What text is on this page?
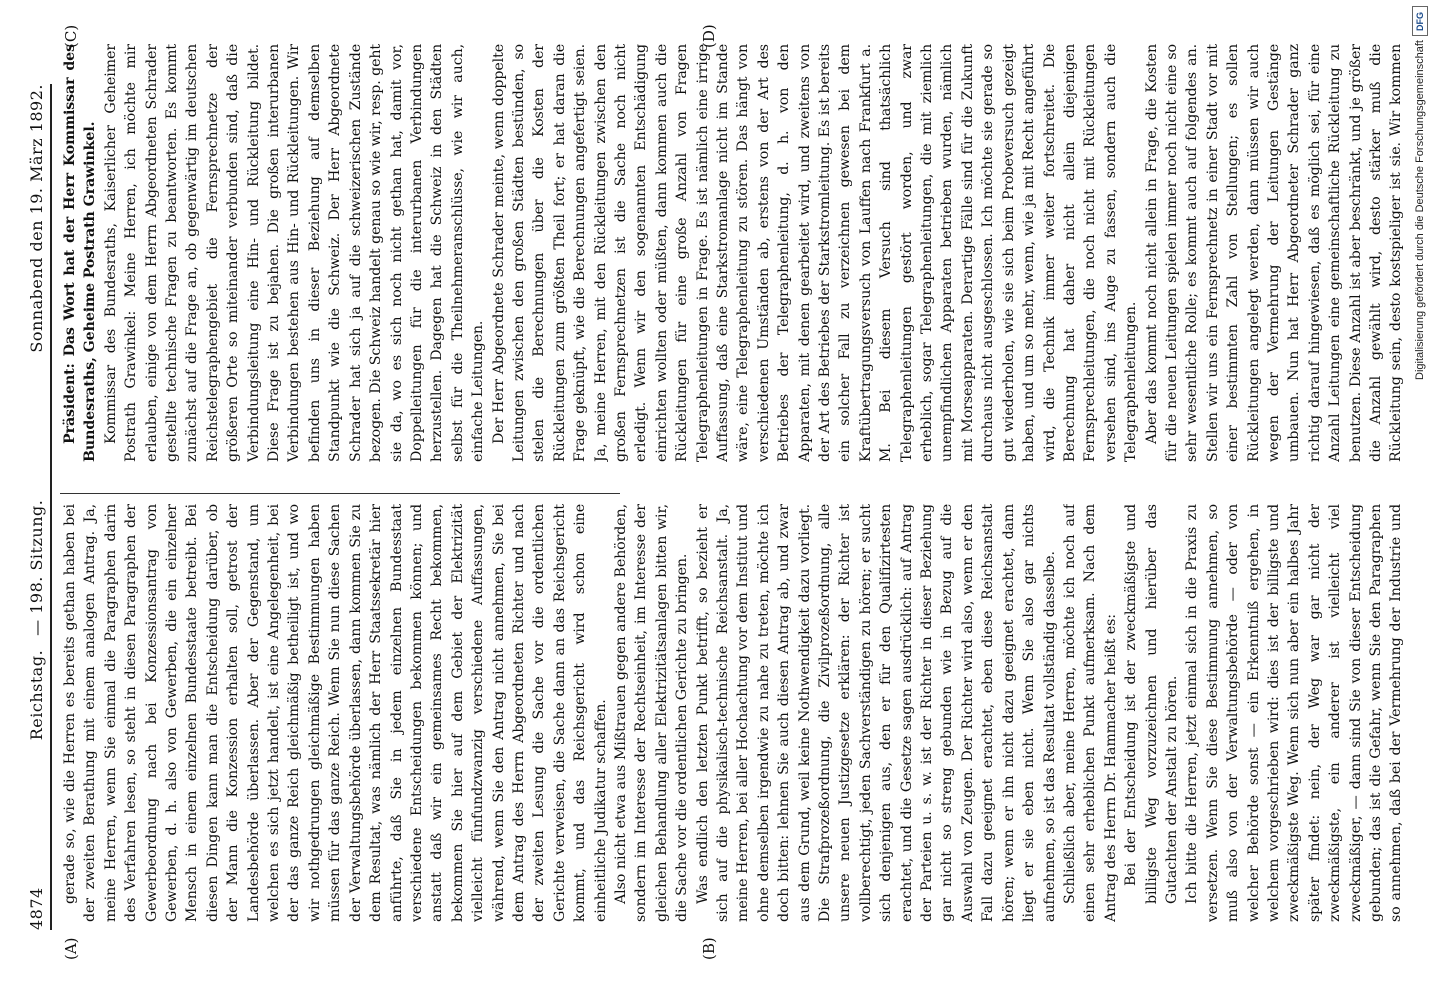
4874
Reichstag.
— 198. Sitzung.
Sonnabend den 19. März 1892.
(A)	(B)
(C)	(D)

gerade so, wie die Herren es bereits gethan haben bei der zweiten Berathung mit einem analogen Antrag. Ja, meine Herren, wenn Sie einmal die Paragraphen darin des Verfahren lesen, so steht in diesen Paragraphen der Gewerbeordnung nach bei Konzessionsantrag von Gewerben, d. h. also von Gewerben, die ein einzelner Mensch in einem einzelnen Bundesstaate betreibt. Bei diesen Dingen kann man die Entscheidung darüber, ob der Mann die Konzession erhalten soll, getrost der Landesbehörde überlassen. Aber der Gegenstand, um welchen es sich jetzt handelt, ist eine Angelegenheit, bei der das ganze Reich gleichmäßig betheiligt ist, und wo wir nothgedrungen gleichmäßige Bestimmungen haben müssen für das ganze Reich. Wenn Sie nun diese Sachen der Verwaltungsbehörde überlassen, dann kommen Sie zu dem Resultat, was nämlich der Herr Staatssekretär hier anführte, daß Sie in jedem einzelnen Bundesstaat verschiedene Entscheidungen bekommen können; und anstatt daß wir ein gemeinsames Recht bekommen, bekommen Sie hier auf dem Gebiet der Elektrizität vielleicht fünfundzwanzig verschiedene Auffassungen, während, wenn Sie den Antrag nicht annehmen, Sie bei dem Antrag des Herrn Abgeordneten Richter und nach der zweiten Lesung die Sache vor die ordentlichen Gerichte verweisen, die Sache dann an das Reichsgericht kommt, und das Reichsgericht wird schon eine einheitliche Judikatur schaffen. Also nicht etwa aus Mißtrauen gegen andere Behörden, sondern im Interesse der Rechtseinheit, im Interesse der gleichen Behandlung aller Elektrizitätsanlagen bitten wir, die Sache vor die ordentlichen Gerichte zu bringen. Was endlich den letzten Punkt betrifft, so bezieht er sich auf die physikalisch-technische Reichsanstalt. Ja, meine Herren, bei aller Hochachtung vor dem Institut und ohne demselben irgendwie zu nahe zu treten, möchte ich doch bitten: lehnen Sie auch diesen Antrag ab, und zwar aus dem Grund, weil keine Nothwendigkeit dazu vorliegt. Die Strafprozeßordnung, die Zivilprozeßordnung, alle unsere neuen Justizgesetze erklären: der Richter ist vollberechtigt, jeden Sachverständigen zu hören; er sucht sich denjenigen aus, den er für den Qualifizirtesten erachtet, und die Gesetze sagen ausdrücklich: auf Antrag der Parteien u. s. w. ist der Richter in dieser Beziehung gar nicht so streng gebunden wie in Bezug auf die Auswahl von Zeugen. Der Richter wird also, wenn er den Fall dazu geeignet erachtet, eben diese Reichsanstalt hören; wenn er ihn nicht dazu geeignet erachtet, dann liegt er sie eben nicht. Wenn Sie also gar nichts aufnehmen, so ist das Resultat vollständig dasselbe. Schließlich aber, meine Herren, möchte ich noch auf einen sehr erheblichen Punkt aufmerksam. Nach dem Antrag des Herrn Dr. Hammacher heißt es: Bei der Entscheidung ist der zweckmäßigste und billigste Weg vorzuzeichnen und hierüber das Gutachten der Anstalt zu hören. Ich bitte die Herren, jetzt einmal sich in die Praxis zu versetzen. Wenn Sie diese Bestimmung annehmen, so muß also von der Verwaltungsbehörde — oder von welcher Behörde sonst — ein Erkenntniß ergehen, in welchem vorgeschrieben wird: dies ist der billigste und zweckmäßigste Weg. Wenn sich nun aber ein halbes Jahr später findet: nein, der Weg war gar nicht der zweckmäßigste, ein anderer ist vielleicht viel zweckmäßiger, — dann sind Sie von dieser Entscheidung gebunden; das ist die Gefahr, wenn Sie den Paragraphen so annehmen, daß bei der Vermehrung der Industrie und

Präsident: Das Wort hat der Herr Kommissar des Bundesraths, Geheime Postrath Grawinkel. Kommissar des Bundesraths, Kaiserlicher Geheimer Postrath Grawinkel: Meine Herren, ich möchte mir erlauben, einige von dem Herrn Abgeordneten Schrader gestellte technische Fragen zu beantworten. Es kommt zunächst auf die Frage an, ob gegenwärtig im deutschen Reichstelegraphengebiet die Fernsprechnetze der größeren Orte so miteinander verbunden sind, daß die Verbindungsleitung eine Hin- und Rückleitung bildet. Diese Frage ist zu bejahen. Die großen interurbanen Verbindungen bestehen aus Hin- und Rückleitungen. Wir befinden uns in dieser Beziehung auf demselben Standpunkt wie die Schweiz. Der Herr Abgeordnete Schrader hat sich ja auf die schweizerischen Zustände bezogen. Die Schweiz handelt genau so wie wir, resp. geht sie da, wo es sich noch nicht gethan hat, damit vor, Doppelleitungen für die interurbanen Verbindungen herzustellen. Dagegen hat die Schweiz in den Städten selbst für die Theilnehmeranschlüsse, wie wir auch, einfache Leitungen. Der Herr Abgeordnete Schrader meinte, wenn doppelte Leitungen zwischen den großen Städten bestünden, so stelen die Berechnungen über die Kosten der Rückleitungen zum größten Theil fort; er hat daran die Frage geknüpft, wie die Berechnungen angefertigt seien. Ja, meine Herren, mit den Rückleitungen zwischen den großen Fernsprechnetzen ist die Sache noch nicht erledigt. Wenn wir den sogenannten Entschädigung einrichten wollten oder müßten, dann kommen auch die Rückleitungen für eine große Anzahl von Fragen Telegraphenleitungen in Frage. Es ist nämlich eine irrige Auffassung, daß eine Starkstromanlage nicht im Stande wäre, eine Telegraphenleitung zu stören. Das hängt von verschiedenen Umständen ab, erstens von der Art des Betriebes der Telegraphenleitung, d. h. von den Apparaten, mit denen gearbeitet wird, und zweitens von der Art des Betriebes der Starkstromleitung. Es ist bereits ein solcher Fall zu verzeichnen gewesen bei dem Kraftübertragungsversuch von Lauffen nach Frankfurt a. M. Bei diesem Versuch sind thatsächlich Telegraphenleitungen gestört worden, und zwar erheblich, sogar Telegraphenleitungen, die mit ziemlich unempfindlichen Apparaten betrieben wurden, nämlich mit Morseapparaten. Derartige Fälle sind für die Zukunft durchaus nicht ausgeschlossen. Ich möchte sie gerade so gut wiederholen, wie sie sich beim Probeversuch gezeigt haben, und um so mehr, wenn, wie ja mit Recht angeführt wird, die Technik immer weiter fortschreitet. Die Berechnung hat daher nicht allein diejenigen Fernsprechleitungen, die noch nicht mit Rückleitungen versehen sind, ins Auge zu fassen, sondern auch die Telegraphenleitungen. Aber das kommt noch nicht allein in Frage, die Kosten für die neuen Leitungen spielen immer noch nicht eine so sehr wesentliche Rolle; es kommt auch auf folgendes an. Stellen wir uns ein Fernsprechnetz in einer Stadt vor mit einer bestimmten Zahl von Stellungen; es sollen Rückleitungen angelegt werden, dann müssen wir auch wegen der Vermehrung der Leitungen Gestänge umbauen. Nun hat Herr Abgeordneter Schrader ganz richtig darauf hingewiesen, daß es möglich sei, für eine Anzahl Leitungen eine gemeinschaftliche Rückleitung zu benutzen. Diese Anzahl ist aber beschränkt, und je größer die Anzahl gewählt wird, desto stärker muß die Rückleitung sein, desto kostspieliger ist sie. Wir kommen

DFG
Digitalisierung gefördert durch die Deutsche Forschungsgemeinschaft
